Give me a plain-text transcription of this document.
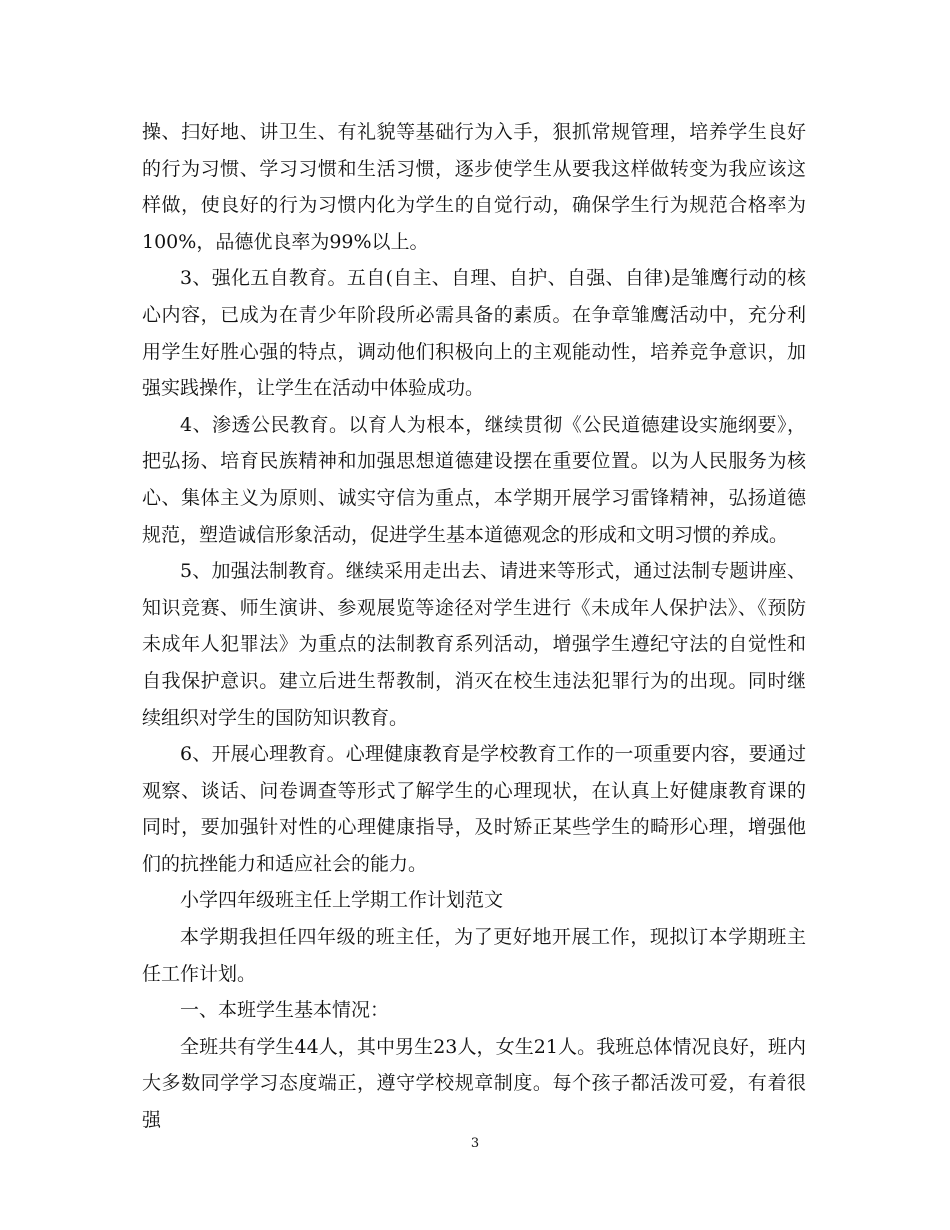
操、扫好地、讲卫生、有礼貌等基础行为入手，狠抓常规管理，培养学生良好的行为习惯、学习习惯和生活习惯，逐步使学生从要我这样做转变为我应该这样做，使良好的行为习惯内化为学生的自觉行动，确保学生行为规范合格率为100%，品德优良率为99%以上。

3、强化五自教育。五自(自主、自理、自护、自强、自律)是雏鹰行动的核心内容，已成为在青少年阶段所必需具备的素质。在争章雏鹰活动中，充分利用学生好胜心强的特点，调动他们积极向上的主观能动性，培养竞争意识，加强实践操作，让学生在活动中体验成功。

4、渗透公民教育。以育人为根本，继续贯彻《公民道德建设实施纲要》，把弘扬、培育民族精神和加强思想道德建设摆在重要位置。以为人民服务为核心、集体主义为原则、诚实守信为重点，本学期开展学习雷锋精神，弘扬道德规范，塑造诚信形象活动，促进学生基本道德观念的形成和文明习惯的养成。

5、加强法制教育。继续采用走出去、请进来等形式，通过法制专题讲座、知识竞赛、师生演讲、参观展览等途径对学生进行《未成年人保护法》、《预防未成年人犯罪法》为重点的法制教育系列活动，增强学生遵纪守法的自觉性和自我保护意识。建立后进生帮教制，消灭在校生违法犯罪行为的出现。同时继续组织对学生的国防知识教育。

6、开展心理教育。心理健康教育是学校教育工作的一项重要内容，要通过观察、谈话、问卷调查等形式了解学生的心理现状，在认真上好健康教育课的同时，要加强针对性的心理健康指导，及时矫正某些学生的畸形心理，增强他们的抗挫能力和适应社会的能力。

小学四年级班主任上学期工作计划范文

本学期我担任四年级的班主任，为了更好地开展工作，现拟订本学期班主任工作计划。

一、本班学生基本情况：

全班共有学生44人，其中男生23人，女生21人。我班总体情况良好，班内大多数同学学习态度端正，遵守学校规章制度。每个孩子都活泼可爱，有着很强

3
